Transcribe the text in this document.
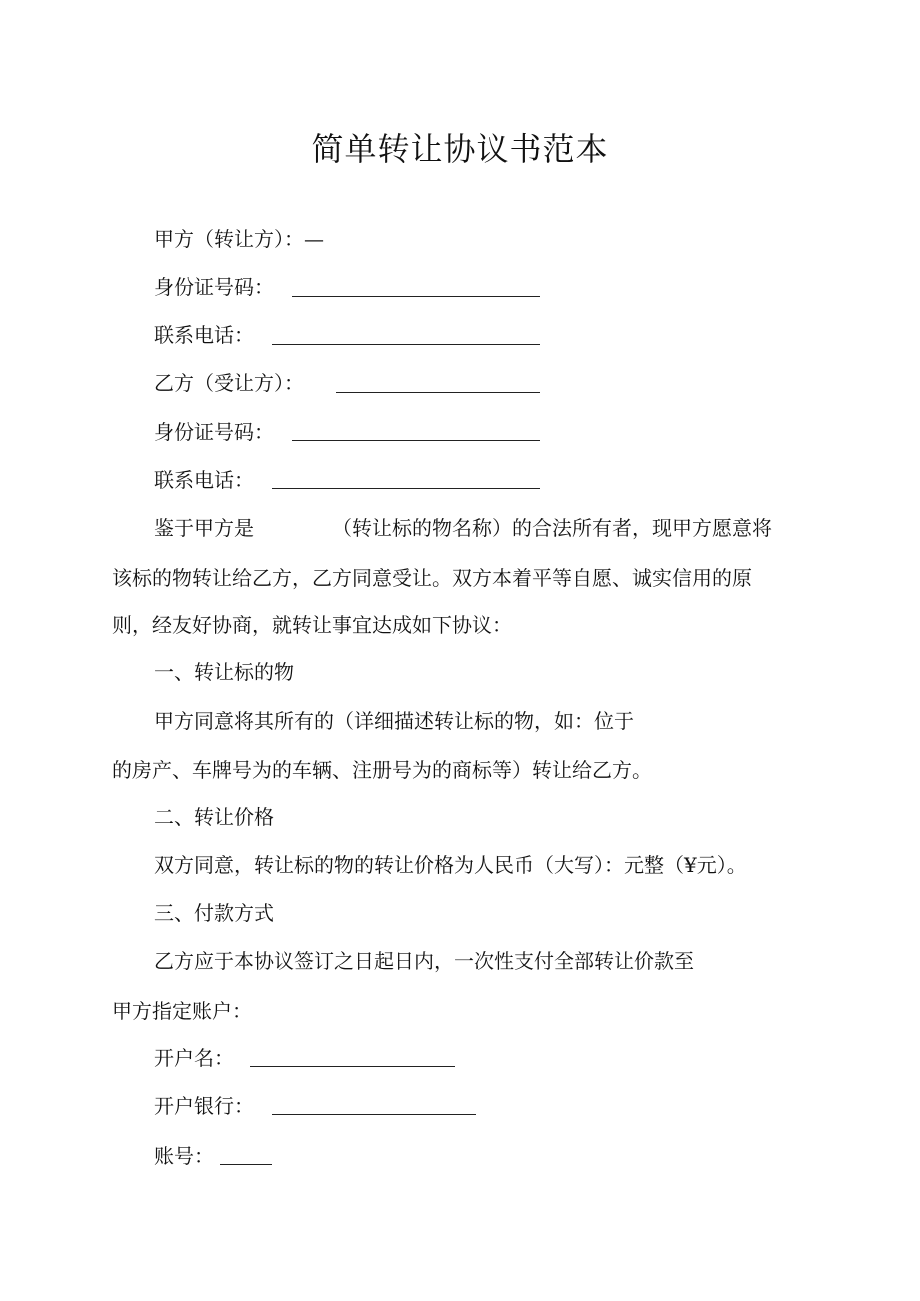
简单转让协议书范本
甲方（转让方）：—
身份证号码：
联系电话：
乙方（受让方）：
身份证号码：
联系电话：
鉴于甲方是	（转让标的物名称）的合法所有者，现甲方愿意将
该标的物转让给乙方，乙方同意受让。双方本着平等自愿、诚实信用的原
则，经友好协商，就转让事宜达成如下协议：
一、转让标的物
甲方同意将其所有的（详细描述转让标的物，如：位于
的房产、车牌号为的车辆、注册号为的商标等）转让给乙方。
二、转让价格
双方同意，转让标的物的转让价格为人民币（大写）：元整（¥元）。
三、付款方式
乙方应于本协议签订之日起日内，一次性支付全部转让价款至
甲方指定账户：
开户名：
开户银行：
账号：
